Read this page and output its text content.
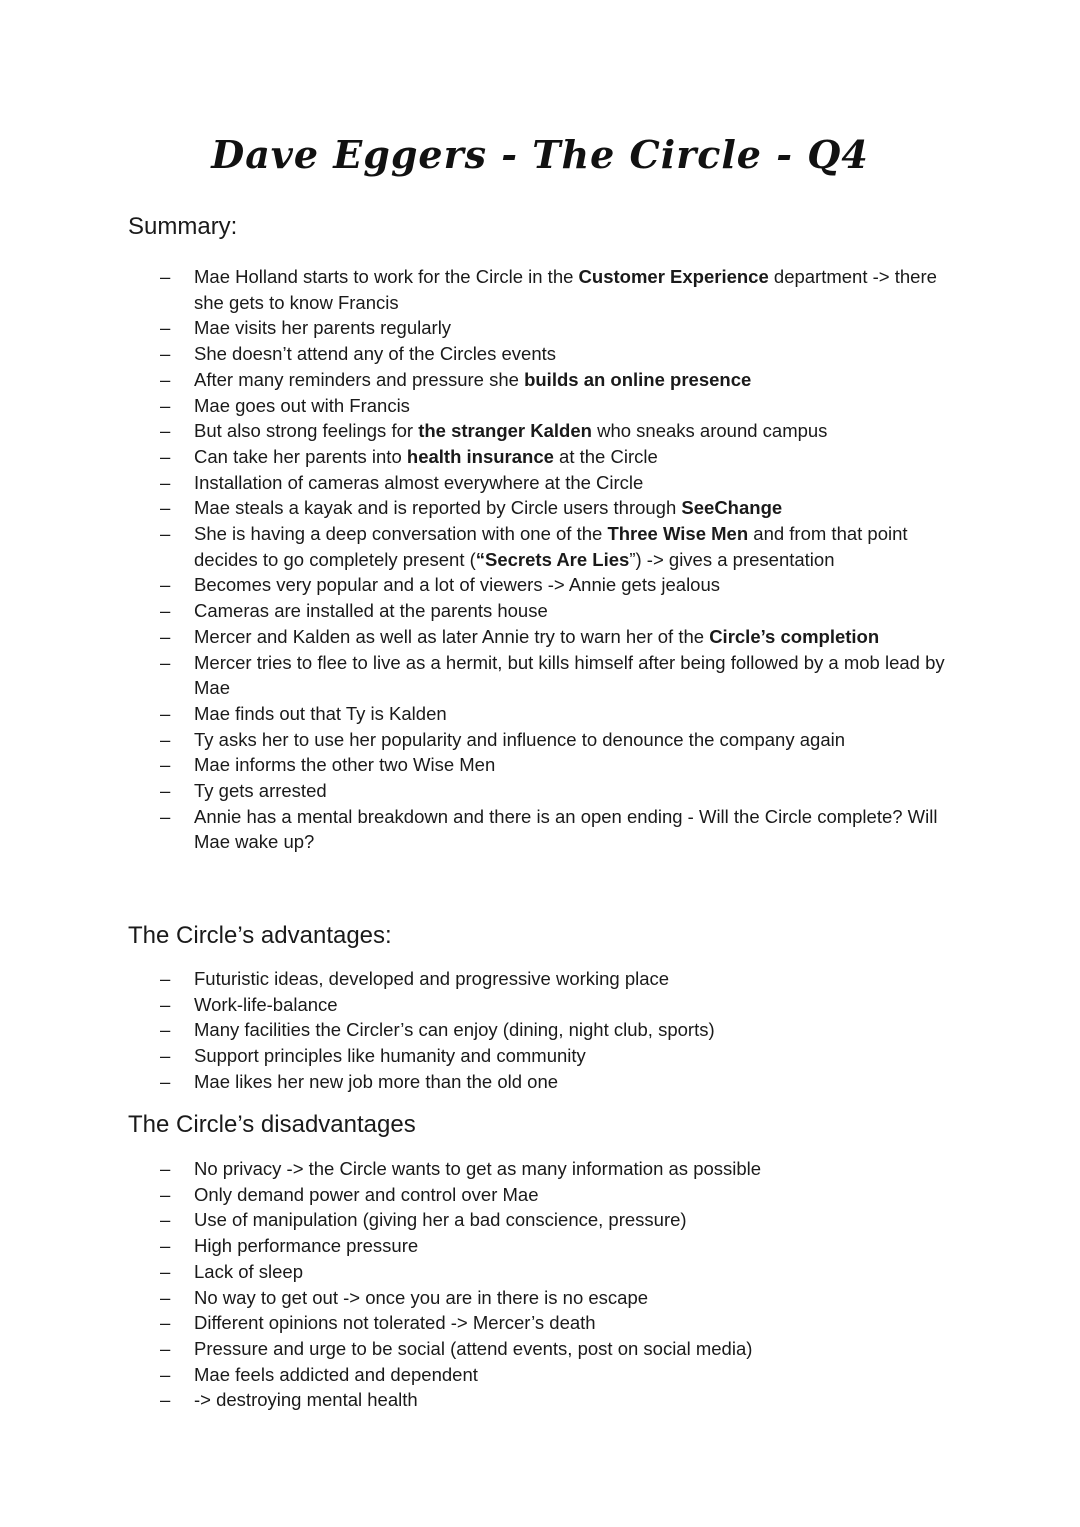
Dave Eggers - The Circle - Q4
Summary:
– Mae Holland starts to work for the Circle in the Customer Experience department -> there she gets to know Francis
– Mae visits her parents regularly
– She doesn’t attend any of the Circles events
– After many reminders and pressure she builds an online presence
– Mae goes out with Francis
– But also strong feelings for the stranger Kalden who sneaks around campus
– Can take her parents into health insurance at the Circle
– Installation of cameras almost everywhere at the Circle
– Mae steals a kayak and is reported by Circle users through SeeChange
– She is having a deep conversation with one of the Three Wise Men and from that point decides to go completely present (“Secrets Are Lies”) -> gives a presentation
– Becomes very popular and a lot of viewers -> Annie gets jealous
– Cameras are installed at the parents house
– Mercer and Kalden as well as later Annie try to warn her of the Circle’s completion
– Mercer tries to flee to live as a hermit, but kills himself after being followed by a mob lead by Mae
– Mae finds out that Ty is Kalden
– Ty asks her to use her popularity and influence to denounce the company again
– Mae informs the other two Wise Men
– Ty gets arrested
– Annie has a mental breakdown and there is an open ending - Will the Circle complete? Will Mae wake up?
The Circle’s advantages:
– Futuristic ideas, developed and progressive working place
– Work-life-balance
– Many facilities the Circler’s can enjoy (dining, night club, sports)
– Support principles like humanity and community
– Mae likes her new job more than the old one
The Circle’s disadvantages
– No privacy -> the Circle wants to get as many information as possible
– Only demand power and control over Mae
– Use of manipulation (giving her a bad conscience, pressure)
– High performance pressure
– Lack of sleep
– No way to get out -> once you are in there is no escape
– Different opinions not tolerated -> Mercer’s death
– Pressure and urge to be social (attend events, post on social media)
– Mae feels addicted and dependent
– -> destroying mental health
